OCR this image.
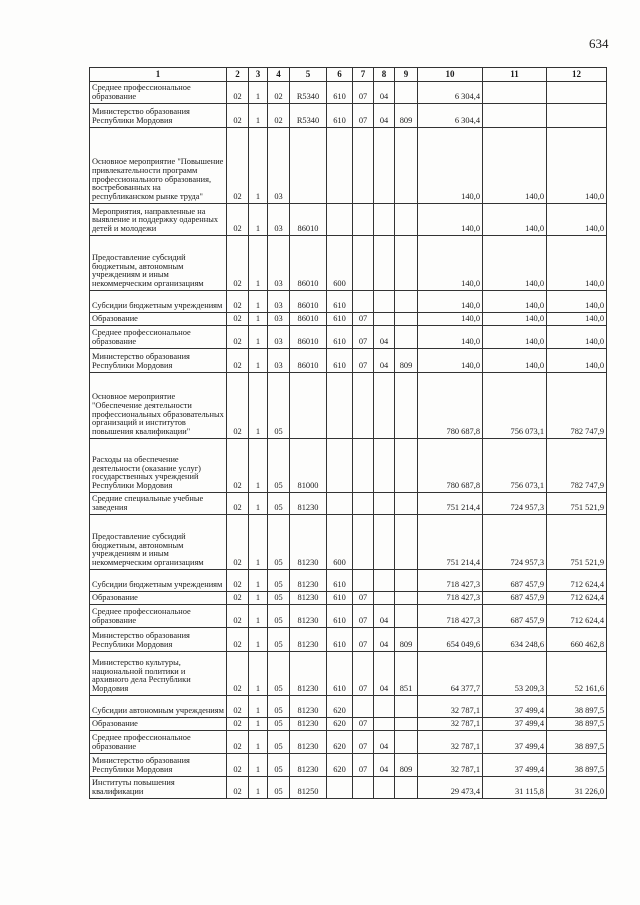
634
1	2	3	4	5	6	7	8	9	10	11	12
Среднее профессиональное образование	02	1	02	R5340	610	07	04		6 304,4		
Министерство образования Республики Мордовия	02	1	02	R5340	610	07	04	809	6 304,4		
Основное мероприятие "Повышение привлекательности программ профессионального образования, востребованных на республиканском рынке труда"	02	1	03						140,0	140,0	140,0
Мероприятия, направленные на выявление и поддержку одаренных детей и молодежи	02	1	03	86010					140,0	140,0	140,0
Предоставление субсидий бюджетным, автономным учреждениям и иным некоммерческим организациям	02	1	03	86010	600				140,0	140,0	140,0
Субсидии бюджетным учреждениям	02	1	03	86010	610				140,0	140,0	140,0
Образование	02	1	03	86010	610	07			140,0	140,0	140,0
Среднее профессиональное образование	02	1	03	86010	610	07	04		140,0	140,0	140,0
Министерство образования Республики Мордовия	02	1	03	86010	610	07	04	809	140,0	140,0	140,0
Основное мероприятие "Обеспечение деятельности профессиональных образовательных организаций и институтов повышения квалификации"	02	1	05						780 687,8	756 073,1	782 747,9
Расходы на обеспечение деятельности (оказание услуг) государственных учреждений Республики Мордовия	02	1	05	81000					780 687,8	756 073,1	782 747,9
Средние специальные учебные заведения	02	1	05	81230					751 214,4	724 957,3	751 521,9
Предоставление субсидий бюджетным, автономным учреждениям и иным некоммерческим организациям	02	1	05	81230	600				751 214,4	724 957,3	751 521,9
Субсидии бюджетным учреждениям	02	1	05	81230	610				718 427,3	687 457,9	712 624,4
Образование	02	1	05	81230	610	07			718 427,3	687 457,9	712 624,4
Среднее профессиональное образование	02	1	05	81230	610	07	04		718 427,3	687 457,9	712 624,4
Министерство образования Республики Мордовия	02	1	05	81230	610	07	04	809	654 049,6	634 248,6	660 462,8
Министерство культуры, национальной политики и архивного дела Республики Мордовия	02	1	05	81230	610	07	04	851	64 377,7	53 209,3	52 161,6
Субсидии автономным учреждениям	02	1	05	81230	620				32 787,1	37 499,4	38 897,5
Образование	02	1	05	81230	620	07			32 787,1	37 499,4	38 897,5
Среднее профессиональное образование	02	1	05	81230	620	07	04		32 787,1	37 499,4	38 897,5
Министерство образования Республики Мордовия	02	1	05	81230	620	07	04	809	32 787,1	37 499,4	38 897,5
Институты повышения квалификации	02	1	05	81250					29 473,4	31 115,8	31 226,0
